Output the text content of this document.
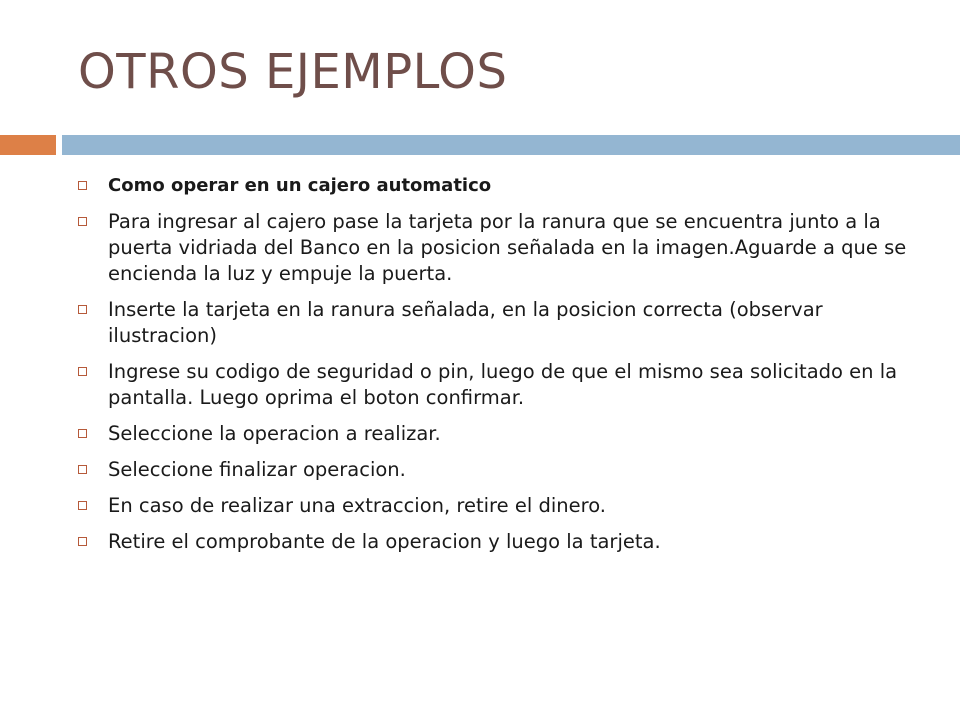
OTROS EJEMPLOS
Como operar en un cajero automatico
Para ingresar al cajero pase la tarjeta por la ranura que se encuentra junto a la puerta vidriada del Banco en la posicion señalada en la imagen.Aguarde a que se encienda la luz y empuje la puerta.
Inserte la tarjeta en la ranura señalada, en la posicion correcta (observar ilustracion)
Ingrese su codigo de seguridad o pin, luego de que el mismo sea solicitado en la pantalla. Luego oprima el boton confirmar.
Seleccione la operacion a realizar.
Seleccione finalizar operacion.
En caso de realizar una extraccion, retire el dinero.
Retire el comprobante de la operacion y luego la tarjeta.
